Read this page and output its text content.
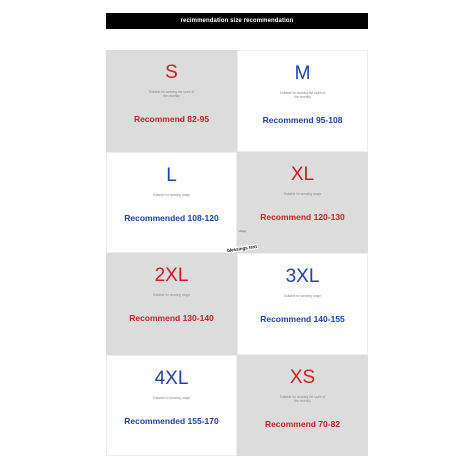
recimmendation size recommendation
S
Suitable for wearing the scale of the recently
Recommend 82-95
M
Suitable for wearing the scale of the recently
Recommend 95-108
L
Suitable for wearing range
Recommended 108-120
XL
Suitable for wearing range
Recommend 120-130
2XL
Suitable for wearing range
Recommend 130-140
3XL
Suitable for wearing range
Recommend 140-155
4XL
Suitable for wearing range
Recommended 155-170
XS
Suitable for wearing the scale of the recently
Recommend 70-82
crispy
blessings text
